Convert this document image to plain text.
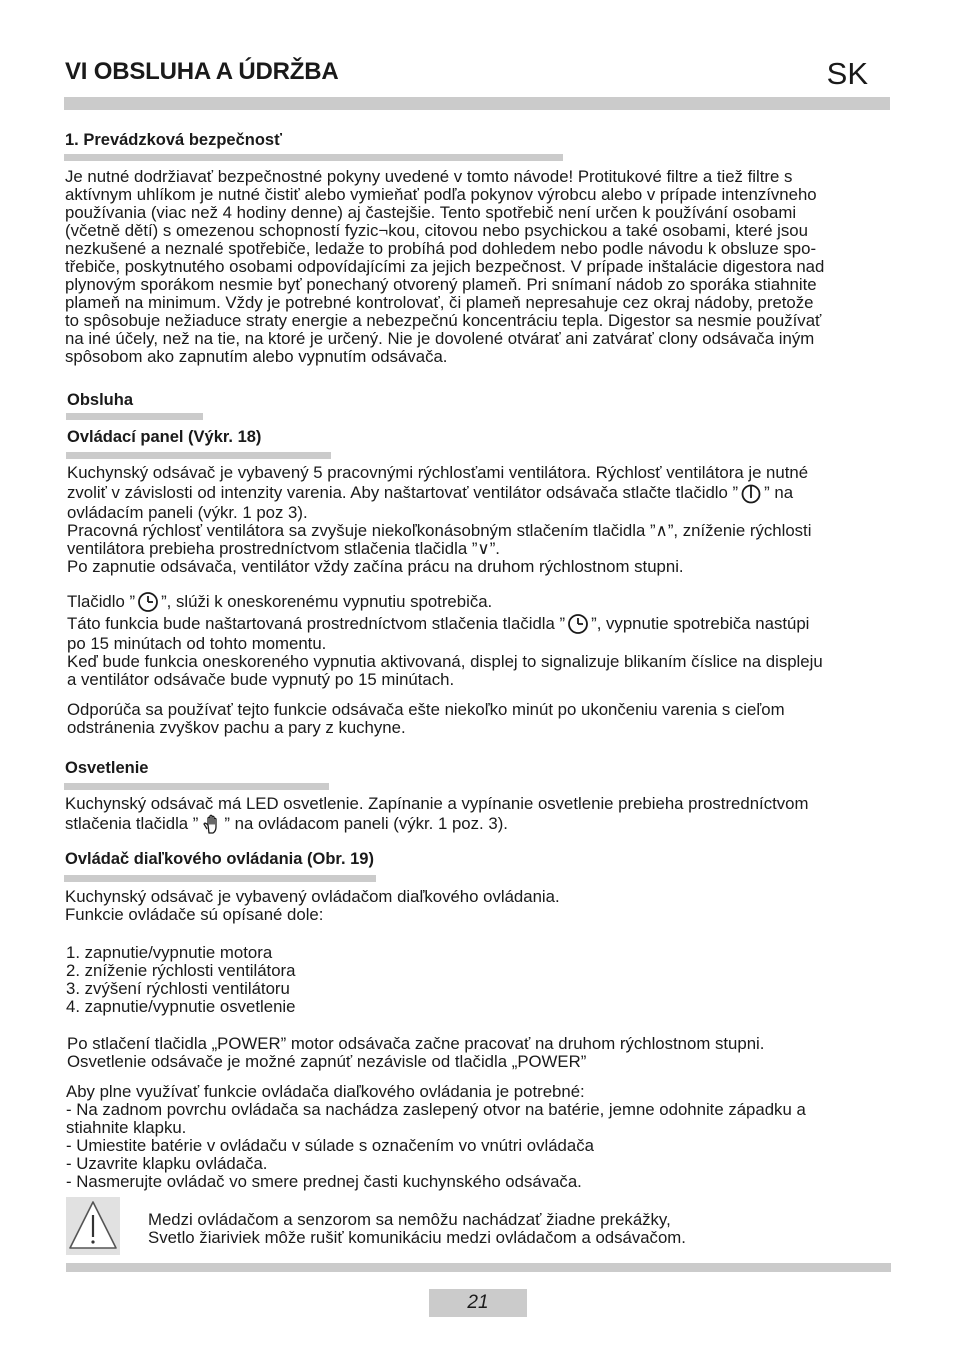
VI OBSLUHA A ÚDRŽBA	SK
1. Prevádzková bezpečnosť

Je nutné dodržiavať bezpečnostné pokyny uvedené v tomto návode! Protitukové filtre a tiež filtre s

aktívnym uhlíkom je nutné čistiť alebo vymieňať podľa pokynov výrobcu alebo v prípade intenzívneho

používania (viac než 4 hodiny denne) aj častejšie. Tento spotřebič není určen k používání osobami

(včetně dětí) s omezenou schopností fyzic¬kou, citovou nebo psychickou a také osobami, které jsou

nezkušené a neznalé spotřebiče, ledaže to probíhá pod dohledem nebo podle návodu k obsluze spo-

třebiče, poskytnutého osobami odpovídajícími za jejich bezpečnost. V prípade inštalácie digestora nad

plynovým sporákom nesmie byť ponechaný otvorený plameň. Pri snímaní nádob zo sporáka stiahnite

plameň na minimum. Vždy je potrebné kontrolovať, či plameň nepresahuje cez okraj nádoby, pretože

to spôsobuje nežiaduce straty energie a nebezpečnú koncentráciu tepla. Digestor sa nesmie používať

na iné účely, než na tie, na ktoré je určený. Nie je dovolené otvárať ani zatvárať clony odsávača iným

spôsobom ako zapnutím alebo vypnutím odsávača.

Obsluha
Ovládací panel (Výkr. 18)

Kuchynský odsávač je vybavený 5 pracovnými rýchlosťami ventilátora. Rýchlosť ventilátora je nutné

zvoliť v závislosti od intenzity varenia. Aby naštartovať ventilátor odsávača stlačte tlačidlo ” ” na

ovládacím paneli (výkr. 1 poz 3).

Pracovná rýchlosť ventilátora sa zvyšuje niekoľkonásobným stlačením tlačidla ”∧”, zníženie rýchlosti

ventilátora prebieha prostredníctvom stlačenia tlačidla ”∨”.

Po zapnutie odsávača, ventilátor vždy začína prácu na druhom rýchlostnom stupni.

Tlačidlo ” ”, slúži k oneskorenému vypnutiu spotrebiča.

Táto funkcia bude naštartovaná prostredníctvom stlačenia tlačidla ” ”, vypnutie spotrebiča nastúpi

po 15 minútach od tohto momentu.

Keď bude funkcia oneskoreného vypnutia aktivovaná, displej to signalizuje blikaním číslice na displeju

a ventilátor odsávače bude vypnutý po 15 minútach.

Odporúča sa používať tejto funkcie odsávača ešte niekoľko minút po ukončeniu varenia s cieľom

odstránenia zvyškov pachu a pary z kuchyne.

Osvetlenie

Kuchynský odsávač má LED osvetlenie. Zapínanie a vypínanie osvetlenie prebieha prostredníctvom

stlačenia tlačidla ” ” na ovládacom paneli (výkr. 1 poz. 3).

Ovládač diaľkového ovládania (Obr. 19)

Kuchynský odsávač je vybavený ovládačom diaľkového ovládania.

Funkcie ovládače sú opísané dole:

1. zapnutie/vypnutie motora

2. zníženie rýchlosti ventilátora

3. zvýšení rýchlosti ventilátoru

4. zapnutie/vypnutie osvetlenie

Po stlačení tlačidla „POWER” motor odsávača začne pracovať na druhom rýchlostnom stupni.

Osvetlenie odsávače je možné zapnúť nezávisle od tlačidla „POWER”

Aby plne využívať funkcie ovládača diaľkového ovládania je potrebné:

- Na zadnom povrchu ovládača sa nachádza zaslepený otvor na batérie, jemne odohnite západku a

stiahnite klapku.

- Umiestite batérie v ovládaču v súlade s označením vo vnútri ovládača

- Uzavrite klapku ovládača.

- Nasmerujte ovládač vo smere prednej časti kuchynského odsávača.

Medzi ovládačom a senzorom sa nemôžu nachádzať žiadne prekážky,

Svetlo žiariviek môže rušiť komunikáciu medzi ovládačom a odsávačom.

21
